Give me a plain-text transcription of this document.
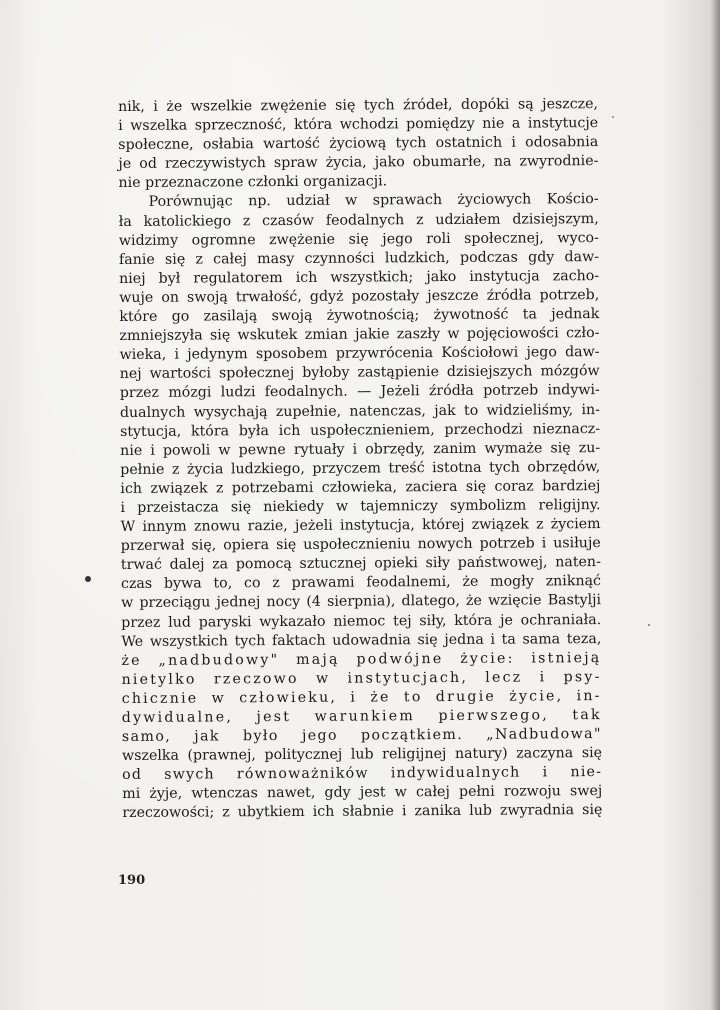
nik, i że wszelkie zwężenie się tych źródeł, dopóki są jeszcze,
i wszelka sprzeczność, która wchodzi pomiędzy nie a instytucje
społeczne, osłabia wartość życiową tych ostatnich i odosabnia
je od rzeczywistych spraw życia, jako obumarłe, na zwyrodnie-
nie przeznaczone członki organizacji.
Porównując np. udział w sprawach życiowych Kościo-
ła katolickiego z czasów feodalnych z udziałem dzisiejszym,
widzimy ogromne zwężenie się jego roli społecznej, wyco-
fanie się z całej masy czynności ludzkich, podczas gdy daw-
niej był regulatorem ich wszystkich; jako instytucja zacho-
wuje on swoją trwałość, gdyż pozostały jeszcze źródła potrzeb,
które go zasilają swoją żywotnością; żywotność ta jednak
zmniejszyła się wskutek zmian jakie zaszły w pojęciowości czło-
wieka, i jedynym sposobem przywrócenia Kościołowi jego daw-
nej wartości społecznej byłoby zastąpienie dzisiejszych mózgów
przez mózgi ludzi feodalnych. — Jeżeli źródła potrzeb indywi-
dualnych wysychają zupełnie, natenczas, jak to widzieliśmy, in-
stytucja, która była ich uspołecznieniem, przechodzi nieznacz-
nie i powoli w pewne rytuały i obrzędy, zanim wymaże się zu-
pełnie z życia ludzkiego, przyczem treść istotna tych obrzędów,
ich związek z potrzebami człowieka, zaciera się coraz bardziej
i przeistacza się niekiedy w tajemniczy symbolizm religijny.
W innym znowu razie, jeżeli instytucja, której związek z życiem
przerwał się, opiera się uspołecznieniu nowych potrzeb i usiłuje
trwać dalej za pomocą sztucznej opieki siły państwowej, naten-
czas bywa to, co z prawami feodalnemi, że mogły zniknąć
w przeciągu jednej nocy (4 sierpnia), dlatego, że wzięcie Bastylji
przez lud paryski wykazało niemoc tej siły, która je ochraniała.
We wszystkich tych faktach udowadnia się jedna i ta sama teza,
że „nadbudowy" mają podwójne życie: istnieją
nietylko rzeczowo w instytucjach, lecz i psy-
chicznie w człowieku, i że to drugie życie, in-
dywidualne, jest warunkiem pierwszego, tak
samo, jak było jego początkiem. „Nadbudowa"
wszelka (prawnej, politycznej lub religijnej natury) zaczyna się
od swych równoważników indywidualnych i nie-
mi żyje, wtenczas nawet, gdy jest w całej pełni rozwoju swej
rzeczowości; z ubytkiem ich słabnie i zanika lub zwyradnia się
190
